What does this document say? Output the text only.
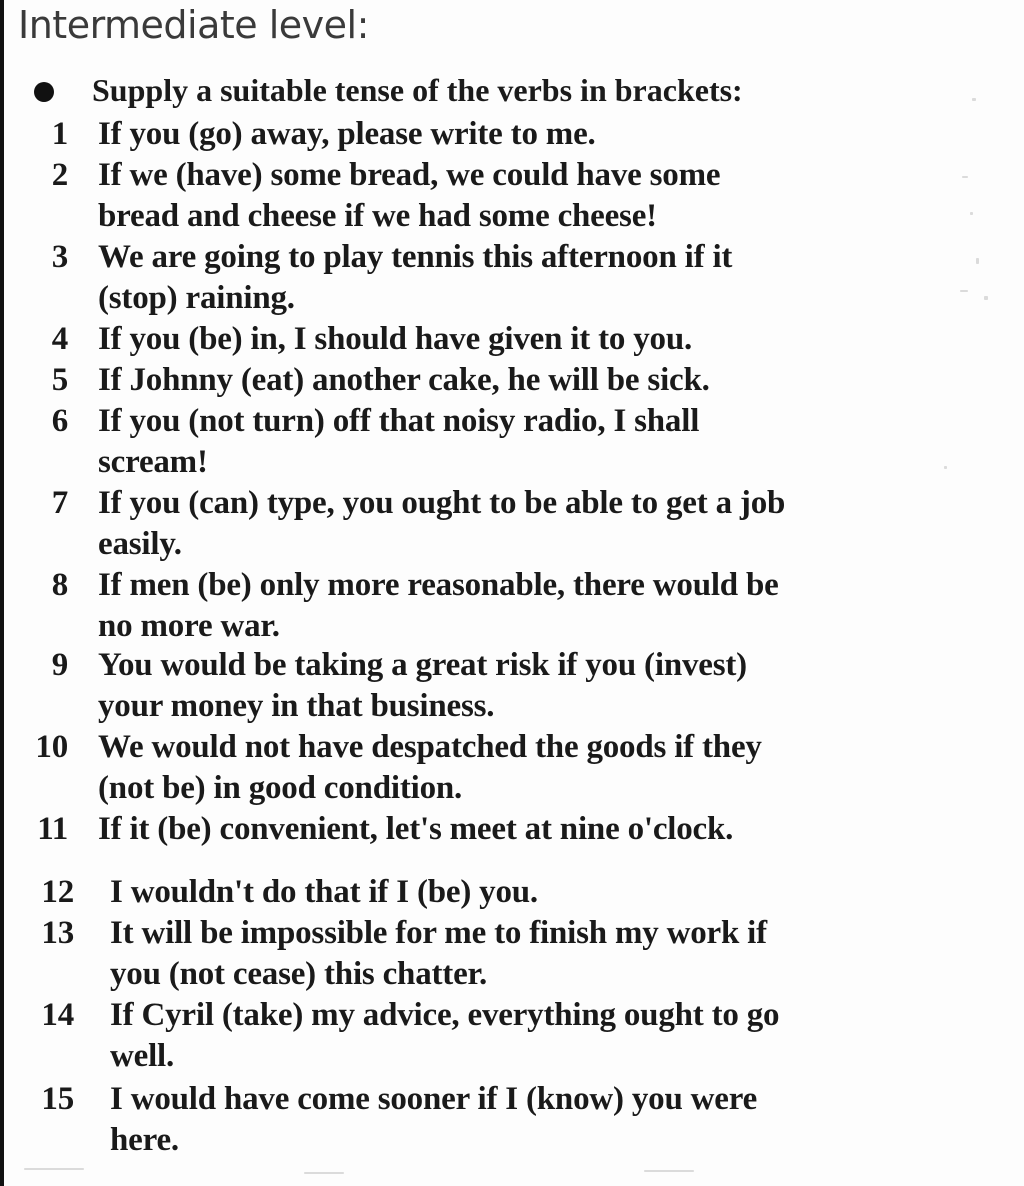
Intermediate level:
Supply a suitable tense of the verbs in brackets:
1 If you (go) away, please write to me.
2 If we (have) some bread, we could have some
bread and cheese if we had some cheese!
3 We are going to play tennis this afternoon if it
(stop) raining.
4 If you (be) in, I should have given it to you.
5 If Johnny (eat) another cake, he will be sick.
6 If you (not turn) off that noisy radio, I shall
scream!
7 If you (can) type, you ought to be able to get a job
easily.
8 If men (be) only more reasonable, there would be
no more war.
9 You would be taking a great risk if you (invest)
your money in that business.
10 We would not have despatched the goods if they
(not be) in good condition.
11 If it (be) convenient, let's meet at nine o'clock.
12 I wouldn't do that if I (be) you.
13 It will be impossible for me to finish my work if
you (not cease) this chatter.
14 If Cyril (take) my advice, everything ought to go
well.
15 I would have come sooner if I (know) you were
here.
